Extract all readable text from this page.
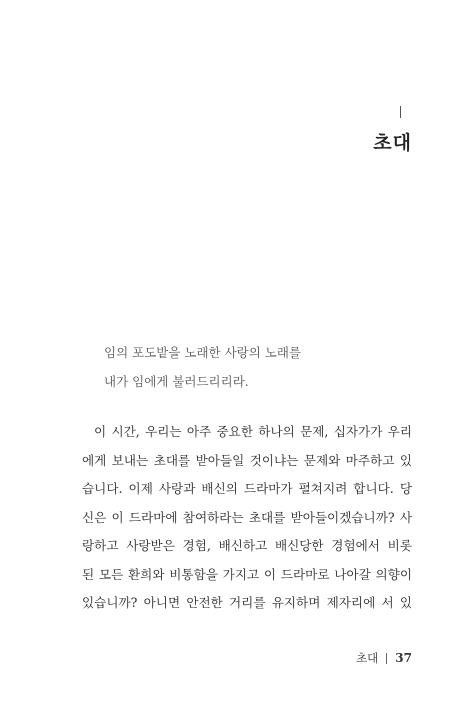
초대
임의 포도밭을 노래한 사랑의 노래를
내가 임에게 불러드리리라.
이 시간, 우리는 아주 중요한 하나의 문제, 십자가가 우리
에게 보내는 초대를 받아들일 것이냐는 문제와 마주하고 있
습니다. 이제 사랑과 배신의 드라마가 펼쳐지려 합니다. 당
신은 이 드라마에 참여하라는 초대를 받아들이겠습니까? 사
랑하고 사랑받은 경험, 배신하고 배신당한 경험에서 비롯
된 모든 환희와 비통함을 가지고 이 드라마로 나아갈 의향이
있습니까? 아니면 안전한 거리를 유지하며 제자리에 서 있
초대 37
